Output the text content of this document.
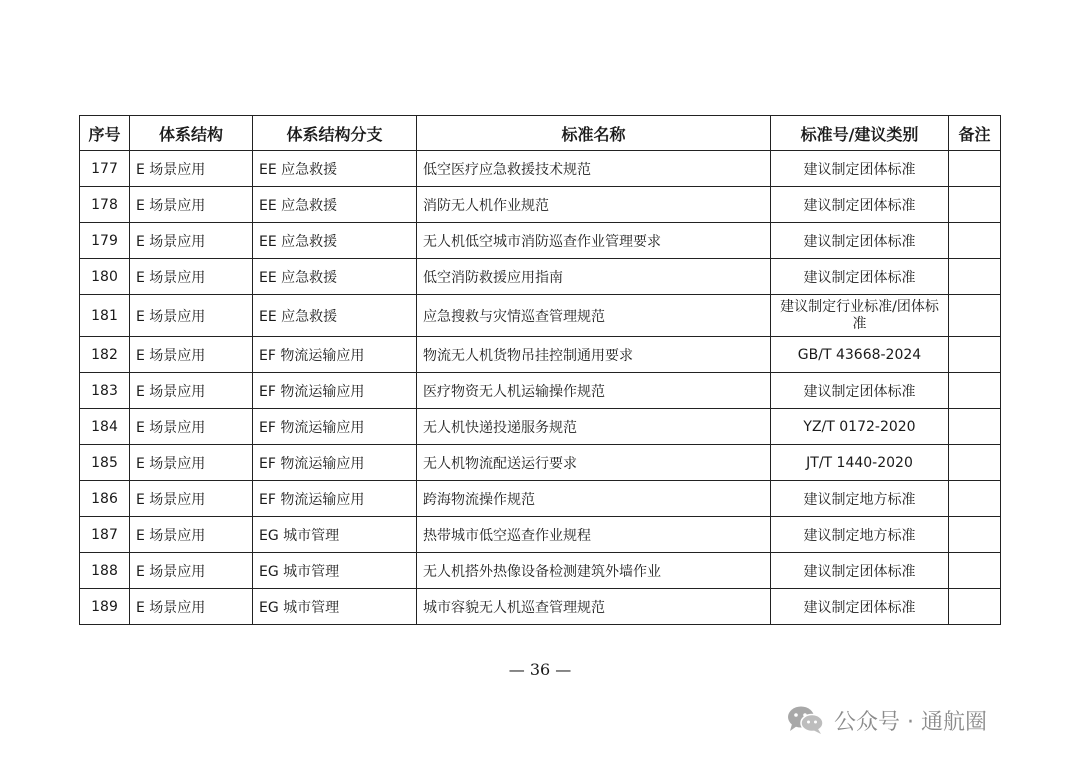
序号	体系结构	体系结构分支	标准名称	标准号/建议类别	备注
177	E 场景应用	EE 应急救援	低空医疗应急救援技术规范	建议制定团体标准	
178	E 场景应用	EE 应急救援	消防无人机作业规范	建议制定团体标准	
179	E 场景应用	EE 应急救援	无人机低空城市消防巡查作业管理要求	建议制定团体标准	
180	E 场景应用	EE 应急救援	低空消防救援应用指南	建议制定团体标准	
181	E 场景应用	EE 应急救援	应急搜救与灾情巡查管理规范	建议制定行业标准/团体标准	
182	E 场景应用	EF 物流运输应用	物流无人机货物吊挂控制通用要求	GB/T 43668-2024	
183	E 场景应用	EF 物流运输应用	医疗物资无人机运输操作规范	建议制定团体标准	
184	E 场景应用	EF 物流运输应用	无人机快递投递服务规范	YZ/T 0172-2020	
185	E 场景应用	EF 物流运输应用	无人机物流配送运行要求	JT/T 1440-2020	
186	E 场景应用	EF 物流运输应用	跨海物流操作规范	建议制定地方标准	
187	E 场景应用	EG 城市管理	热带城市低空巡查作业规程	建议制定地方标准	
188	E 场景应用	EG 城市管理	无人机搭外热像设备检测建筑外墙作业	建议制定团体标准	
189	E 场景应用	EG 城市管理	城市容貌无人机巡查管理规范	建议制定团体标准	
— 36 —
公众号 · 通航圈
